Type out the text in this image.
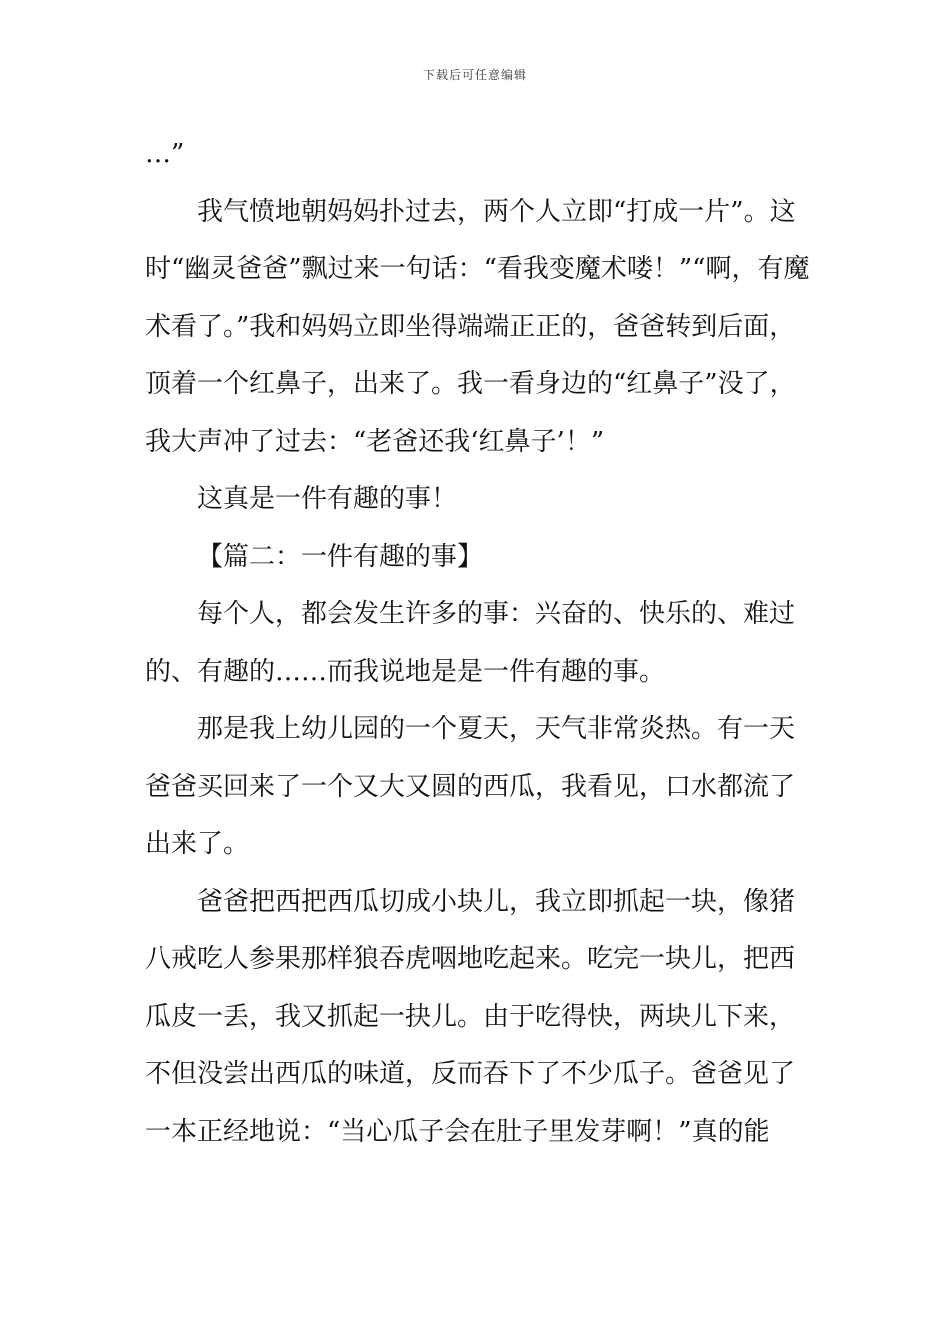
下载后可任意编辑

…”

我气愤地朝妈妈扑过去，两个人立即“打成一片”。这时“幽灵爸爸”飘过来一句话：“看我变魔术喽！”“啊，有魔术看了。”我和妈妈立即坐得端端正正的，爸爸转到后面，顶着一个红鼻子，出来了。我一看身边的“红鼻子”没了，我大声冲了过去：“老爸还我‘红鼻子’！”

这真是一件有趣的事！

【篇二：一件有趣的事】

每个人，都会发生许多的事：兴奋的、快乐的、难过的、有趣的……而我说地是是一件有趣的事。

那是我上幼儿园的一个夏天，天气非常炎热。有一天爸爸买回来了一个又大又圆的西瓜，我看见，口水都流了出来了。

爸爸把西把西瓜切成小块儿，我立即抓起一块，像猪八戒吃人参果那样狼吞虎咽地吃起来。吃完一块儿，把西瓜皮一丢，我又抓起一抉儿。由于吃得快，两块儿下来，不但没尝出西瓜的味道，反而吞下了不少瓜子。爸爸见了一本正经地说：“当心瓜子会在肚子里发芽啊！”真的能
